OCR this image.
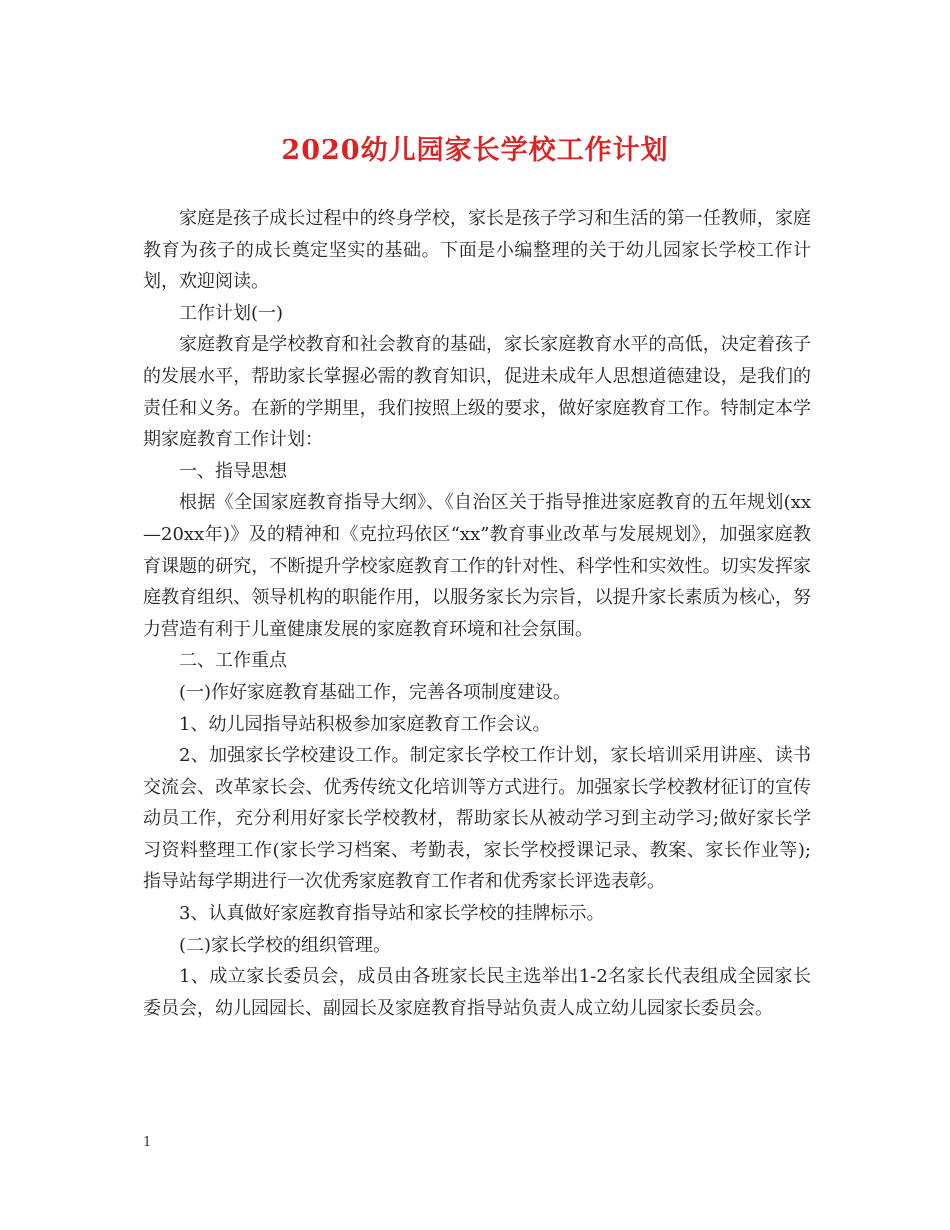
2020幼儿园家长学校工作计划

家庭是孩子成长过程中的终身学校，家长是孩子学习和生活的第一任教师，家庭教育为孩子的成长奠定坚实的基础。下面是小编整理的关于幼儿园家长学校工作计划，欢迎阅读。

工作计划(一)

家庭教育是学校教育和社会教育的基础，家长家庭教育水平的高低，决定着孩子的发展水平，帮助家长掌握必需的教育知识，促进未成年人思想道德建设，是我们的责任和义务。在新的学期里，我们按照上级的要求，做好家庭教育工作。特制定本学期家庭教育工作计划：

一、指导思想

根据《全国家庭教育指导大纲》、《自治区关于指导推进家庭教育的五年规划(xx—20xx年)》及的精神和《克拉玛依区“xx”教育事业改革与发展规划》，加强家庭教育课题的研究，不断提升学校家庭教育工作的针对性、科学性和实效性。切实发挥家庭教育组织、领导机构的职能作用，以服务家长为宗旨，以提升家长素质为核心，努力营造有利于儿童健康发展的家庭教育环境和社会氛围。

二、工作重点

(一)作好家庭教育基础工作，完善各项制度建设。

1、幼儿园指导站积极参加家庭教育工作会议。

2、加强家长学校建设工作。制定家长学校工作计划，家长培训采用讲座、读书交流会、改革家长会、优秀传统文化培训等方式进行。加强家长学校教材征订的宣传动员工作，充分利用好家长学校教材，帮助家长从被动学习到主动学习;做好家长学习资料整理工作(家长学习档案、考勤表，家长学校授课记录、教案、家长作业等);指导站每学期进行一次优秀家庭教育工作者和优秀家长评选表彰。

3、认真做好家庭教育指导站和家长学校的挂牌标示。

(二)家长学校的组织管理。

1、成立家长委员会，成员由各班家长民主选举出1-2名家长代表组成全园家长委员会，幼儿园园长、副园长及家庭教育指导站负责人成立幼儿园家长委员会。

1
